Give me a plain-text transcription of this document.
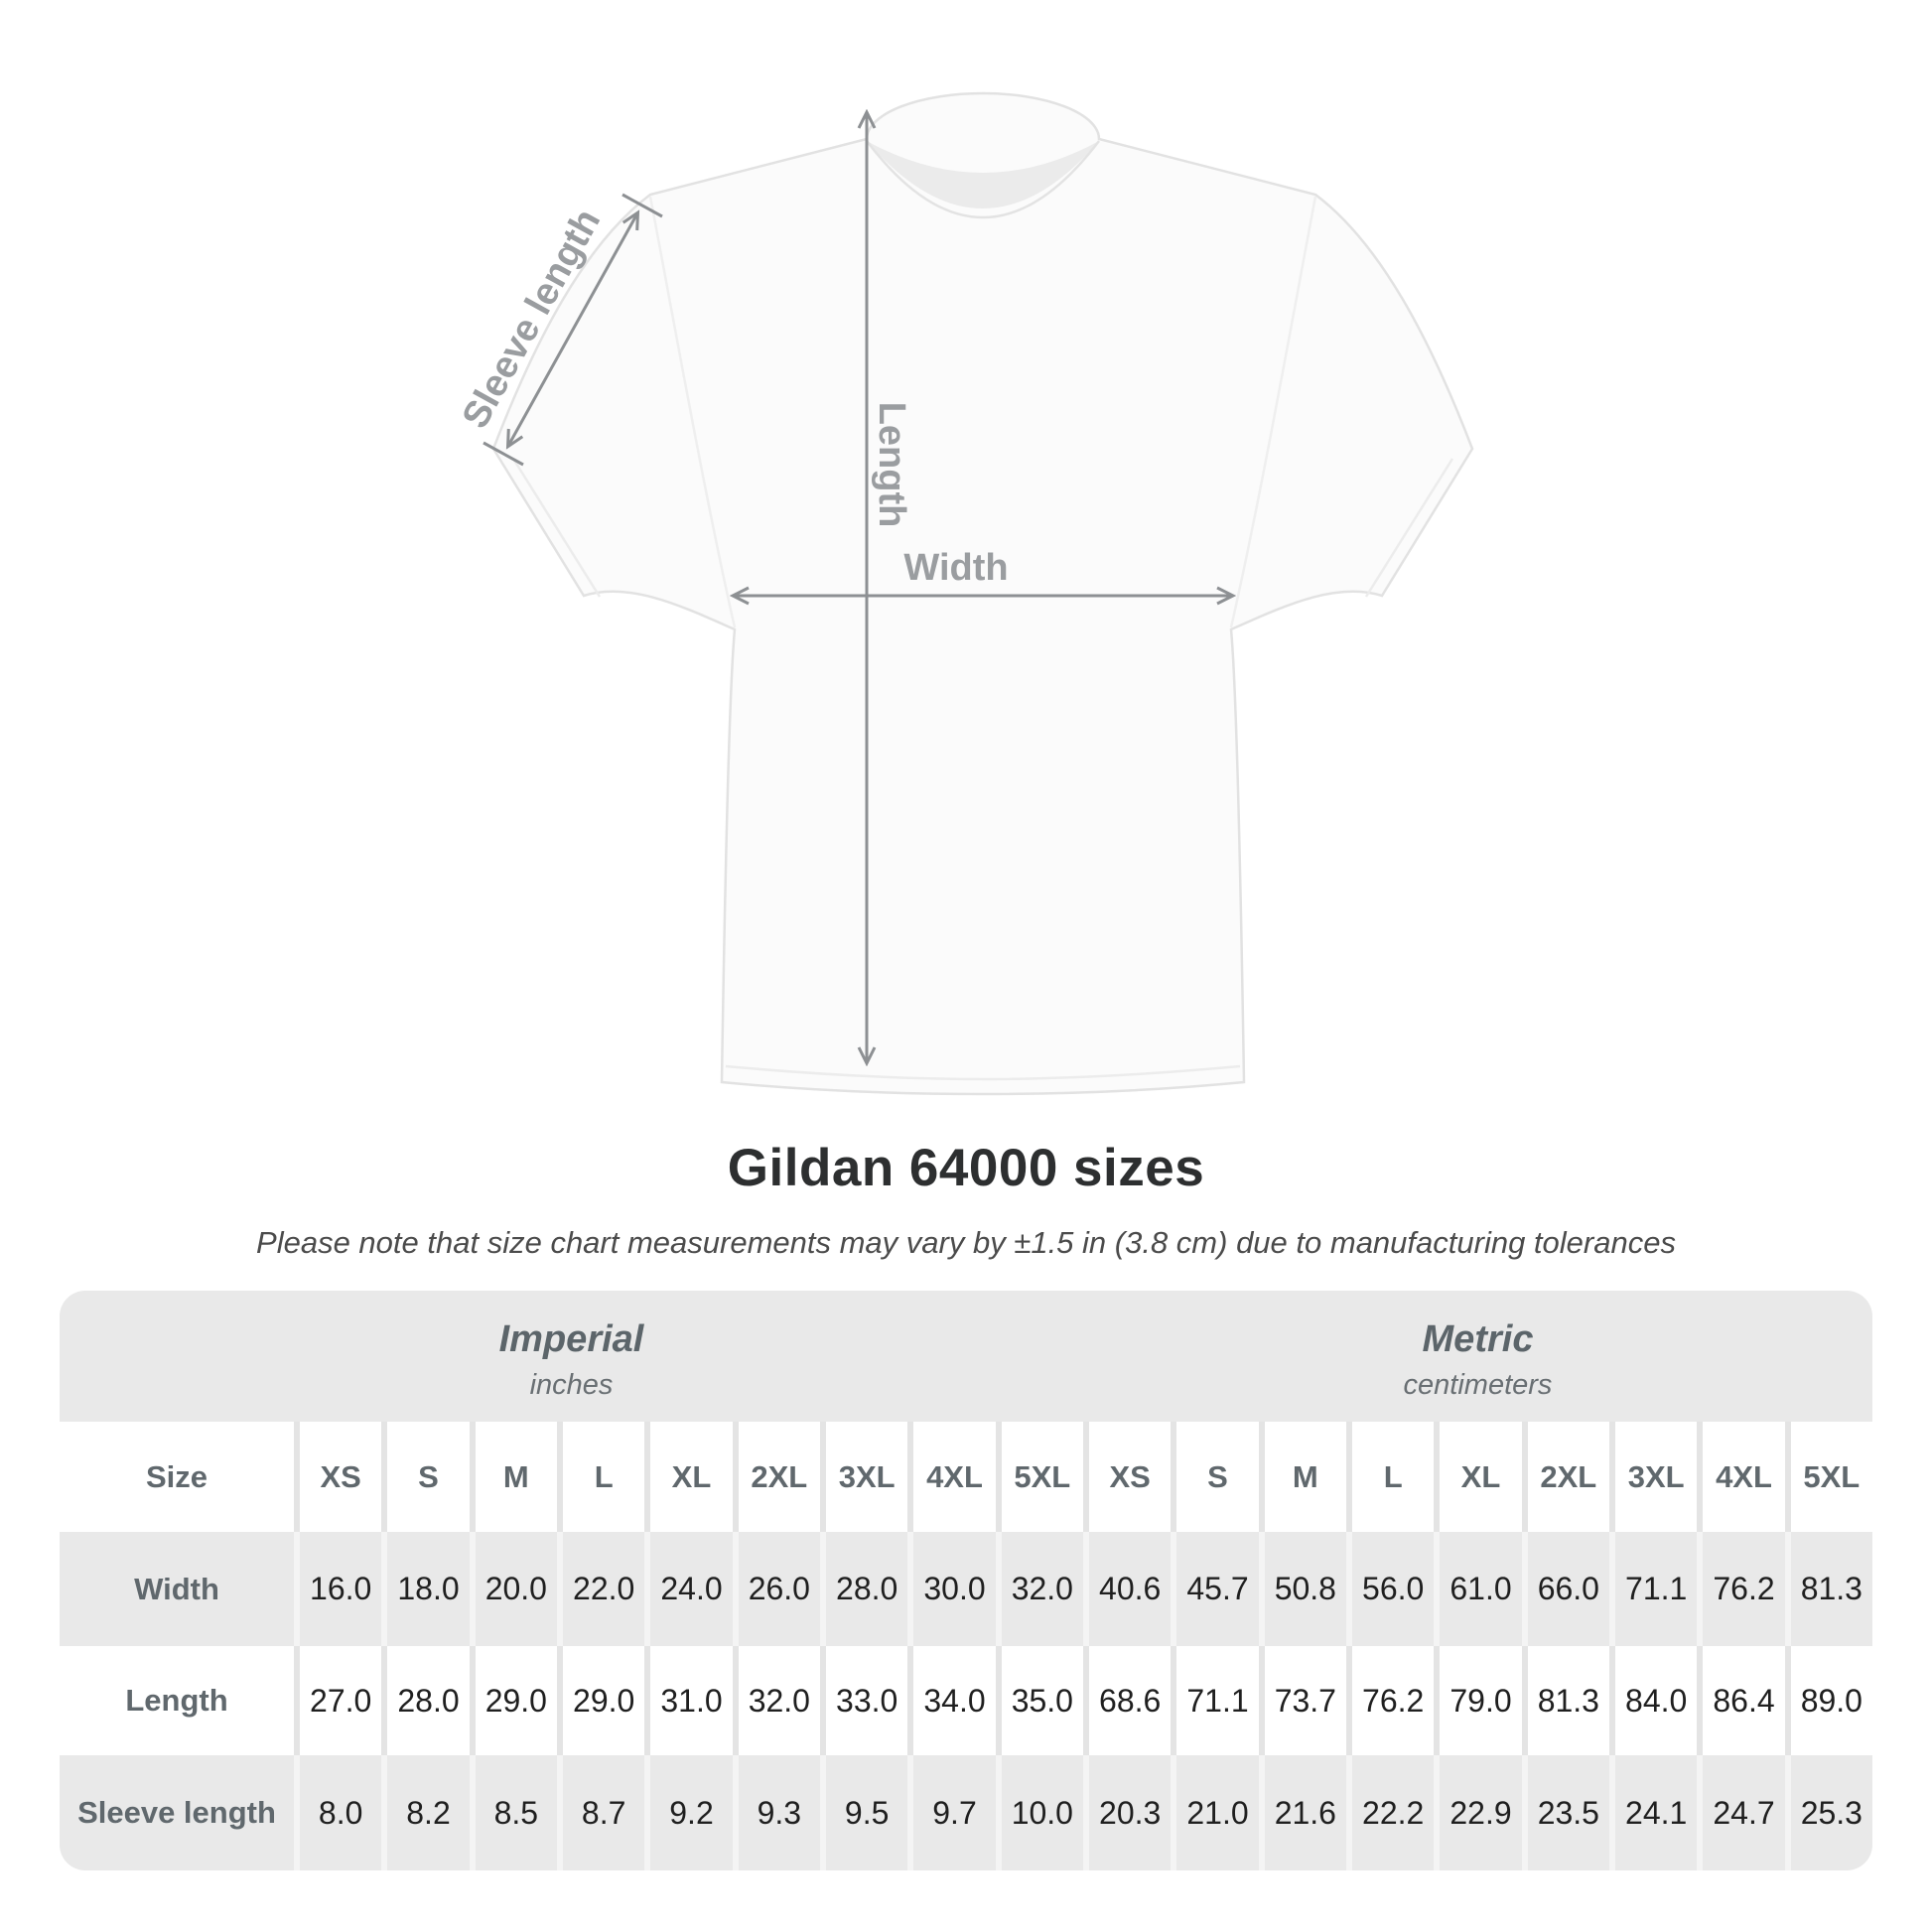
Sleeve length
Length
Width
Gildan 64000 sizes

Please note that size chart measurements may vary by ±1.5 in (3.8 cm) due to manufacturing tolerances

Imperial
inches
Metric
centimeters
Size	XS	S	M	L	XL	2XL	3XL	4XL	5XL	XS	S	M	L	XL	2XL	3XL	4XL	5XL
Width	16.0 18.0 20.0 22.0 24.0 26.0 28.0 30.0 32.0 40.6 45.7 50.8 56.0 61.0 66.0 71.1 76.2 81.3
Length	27.0 28.0 29.0 29.0 31.0 32.0 33.0 34.0 35.0 68.6 71.1 73.7 76.2 79.0 81.3 84.0 86.4 89.0
Sleeve length	8.0	8.2	8.5	8.7	9.2	9.3	9.5	9.7	10.0 20.3 21.0 21.6 22.2 22.9 23.5 24.1 24.7 25.3
